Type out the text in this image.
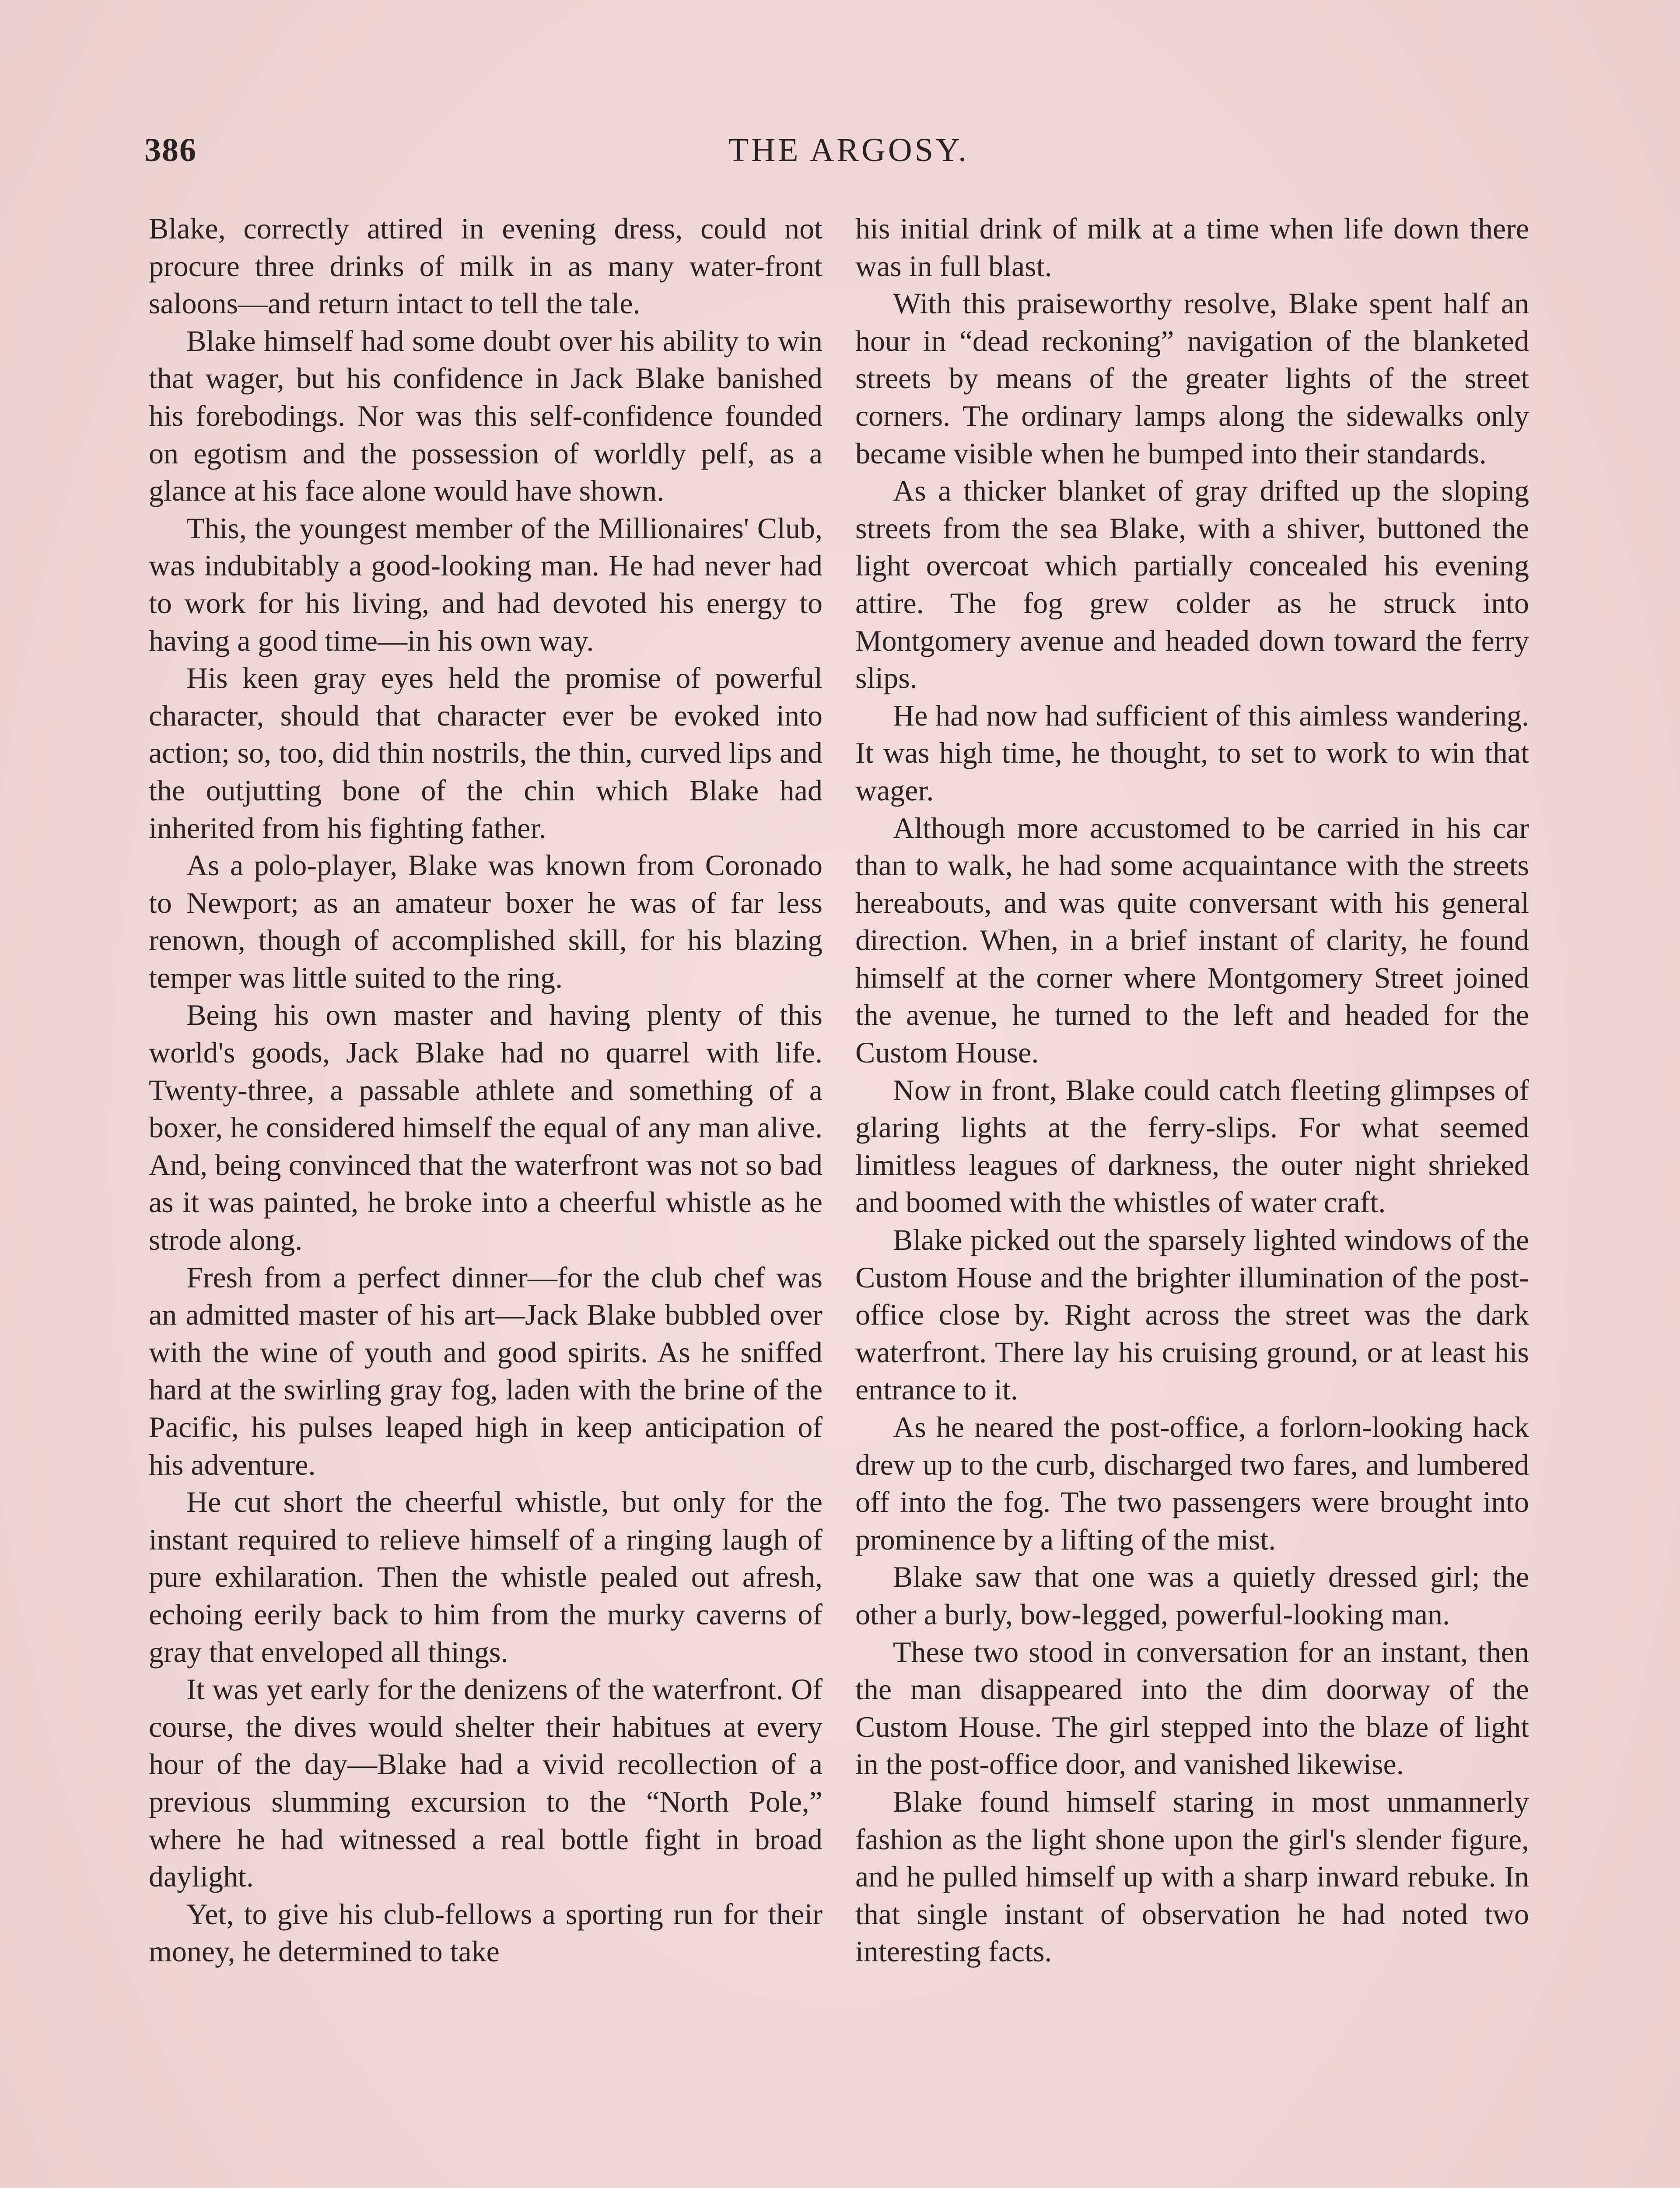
386	THE ARGOSY.

Blake, correctly attired in evening dress, could not procure three drinks of milk in as many water-front saloons—and return intact to tell the tale.

Blake himself had some doubt over his ability to win that wager, but his confidence in Jack Blake banished his forebodings. Nor was this self-confidence founded on egotism and the possession of worldly pelf, as a glance at his face alone would have shown.

This, the youngest member of the Millionaires' Club, was indubitably a good-looking man. He had never had to work for his living, and had devoted his energy to having a good time—in his own way.

His keen gray eyes held the promise of powerful character, should that character ever be evoked into action; so, too, did thin nostrils, the thin, curved lips and the outjutting bone of the chin which Blake had inherited from his fighting father.

As a polo-player, Blake was known from Coronado to Newport; as an amateur boxer he was of far less renown, though of accomplished skill, for his blazing temper was little suited to the ring.

Being his own master and having plenty of this world's goods, Jack Blake had no quarrel with life. Twenty-three, a passable athlete and something of a boxer, he considered himself the equal of any man alive. And, being convinced that the waterfront was not so bad as it was painted, he broke into a cheerful whistle as he strode along.

Fresh from a perfect dinner—for the club chef was an admitted master of his art—Jack Blake bubbled over with the wine of youth and good spirits. As he sniffed hard at the swirling gray fog, laden with the brine of the Pacific, his pulses leaped high in keep anticipation of his adventure.

He cut short the cheerful whistle, but only for the instant required to relieve himself of a ringing laugh of pure exhilaration. Then the whistle pealed out afresh, echoing eerily back to him from the murky caverns of gray that enveloped all things.

It was yet early for the denizens of the waterfront. Of course, the dives would shelter their habitues at every hour of the day—Blake had a vivid recollection of a previous slumming excursion to the “North Pole,” where he had witnessed a real bottle fight in broad daylight.

Yet, to give his club-fellows a sporting run for their money, he determined to take

his initial drink of milk at a time when life down there was in full blast.

With this praiseworthy resolve, Blake spent half an hour in “dead reckoning” navigation of the blanketed streets by means of the greater lights of the street corners. The ordinary lamps along the sidewalks only became visible when he bumped into their standards.

As a thicker blanket of gray drifted up the sloping streets from the sea Blake, with a shiver, buttoned the light overcoat which partially concealed his evening attire. The fog grew colder as he struck into Montgomery avenue and headed down toward the ferry slips.

He had now had sufficient of this aimless wandering. It was high time, he thought, to set to work to win that wager.

Although more accustomed to be carried in his car than to walk, he had some acquaintance with the streets hereabouts, and was quite conversant with his general direction. When, in a brief instant of clarity, he found himself at the corner where Montgomery Street joined the avenue, he turned to the left and headed for the Custom House.

Now in front, Blake could catch fleeting glimpses of glaring lights at the ferry-slips. For what seemed limitless leagues of darkness, the outer night shrieked and boomed with the whistles of water craft.

Blake picked out the sparsely lighted windows of the Custom House and the brighter illumination of the post-office close by. Right across the street was the dark waterfront. There lay his cruising ground, or at least his entrance to it.

As he neared the post-office, a forlorn-looking hack drew up to the curb, discharged two fares, and lumbered off into the fog. The two passengers were brought into prominence by a lifting of the mist.

Blake saw that one was a quietly dressed girl; the other a burly, bow-legged, powerful-looking man.

These two stood in conversation for an instant, then the man disappeared into the dim doorway of the Custom House. The girl stepped into the blaze of light in the post-office door, and vanished likewise.

Blake found himself staring in most unmannerly fashion as the light shone upon the girl's slender figure, and he pulled himself up with a sharp inward rebuke. In that single instant of observation he had noted two interesting facts.
